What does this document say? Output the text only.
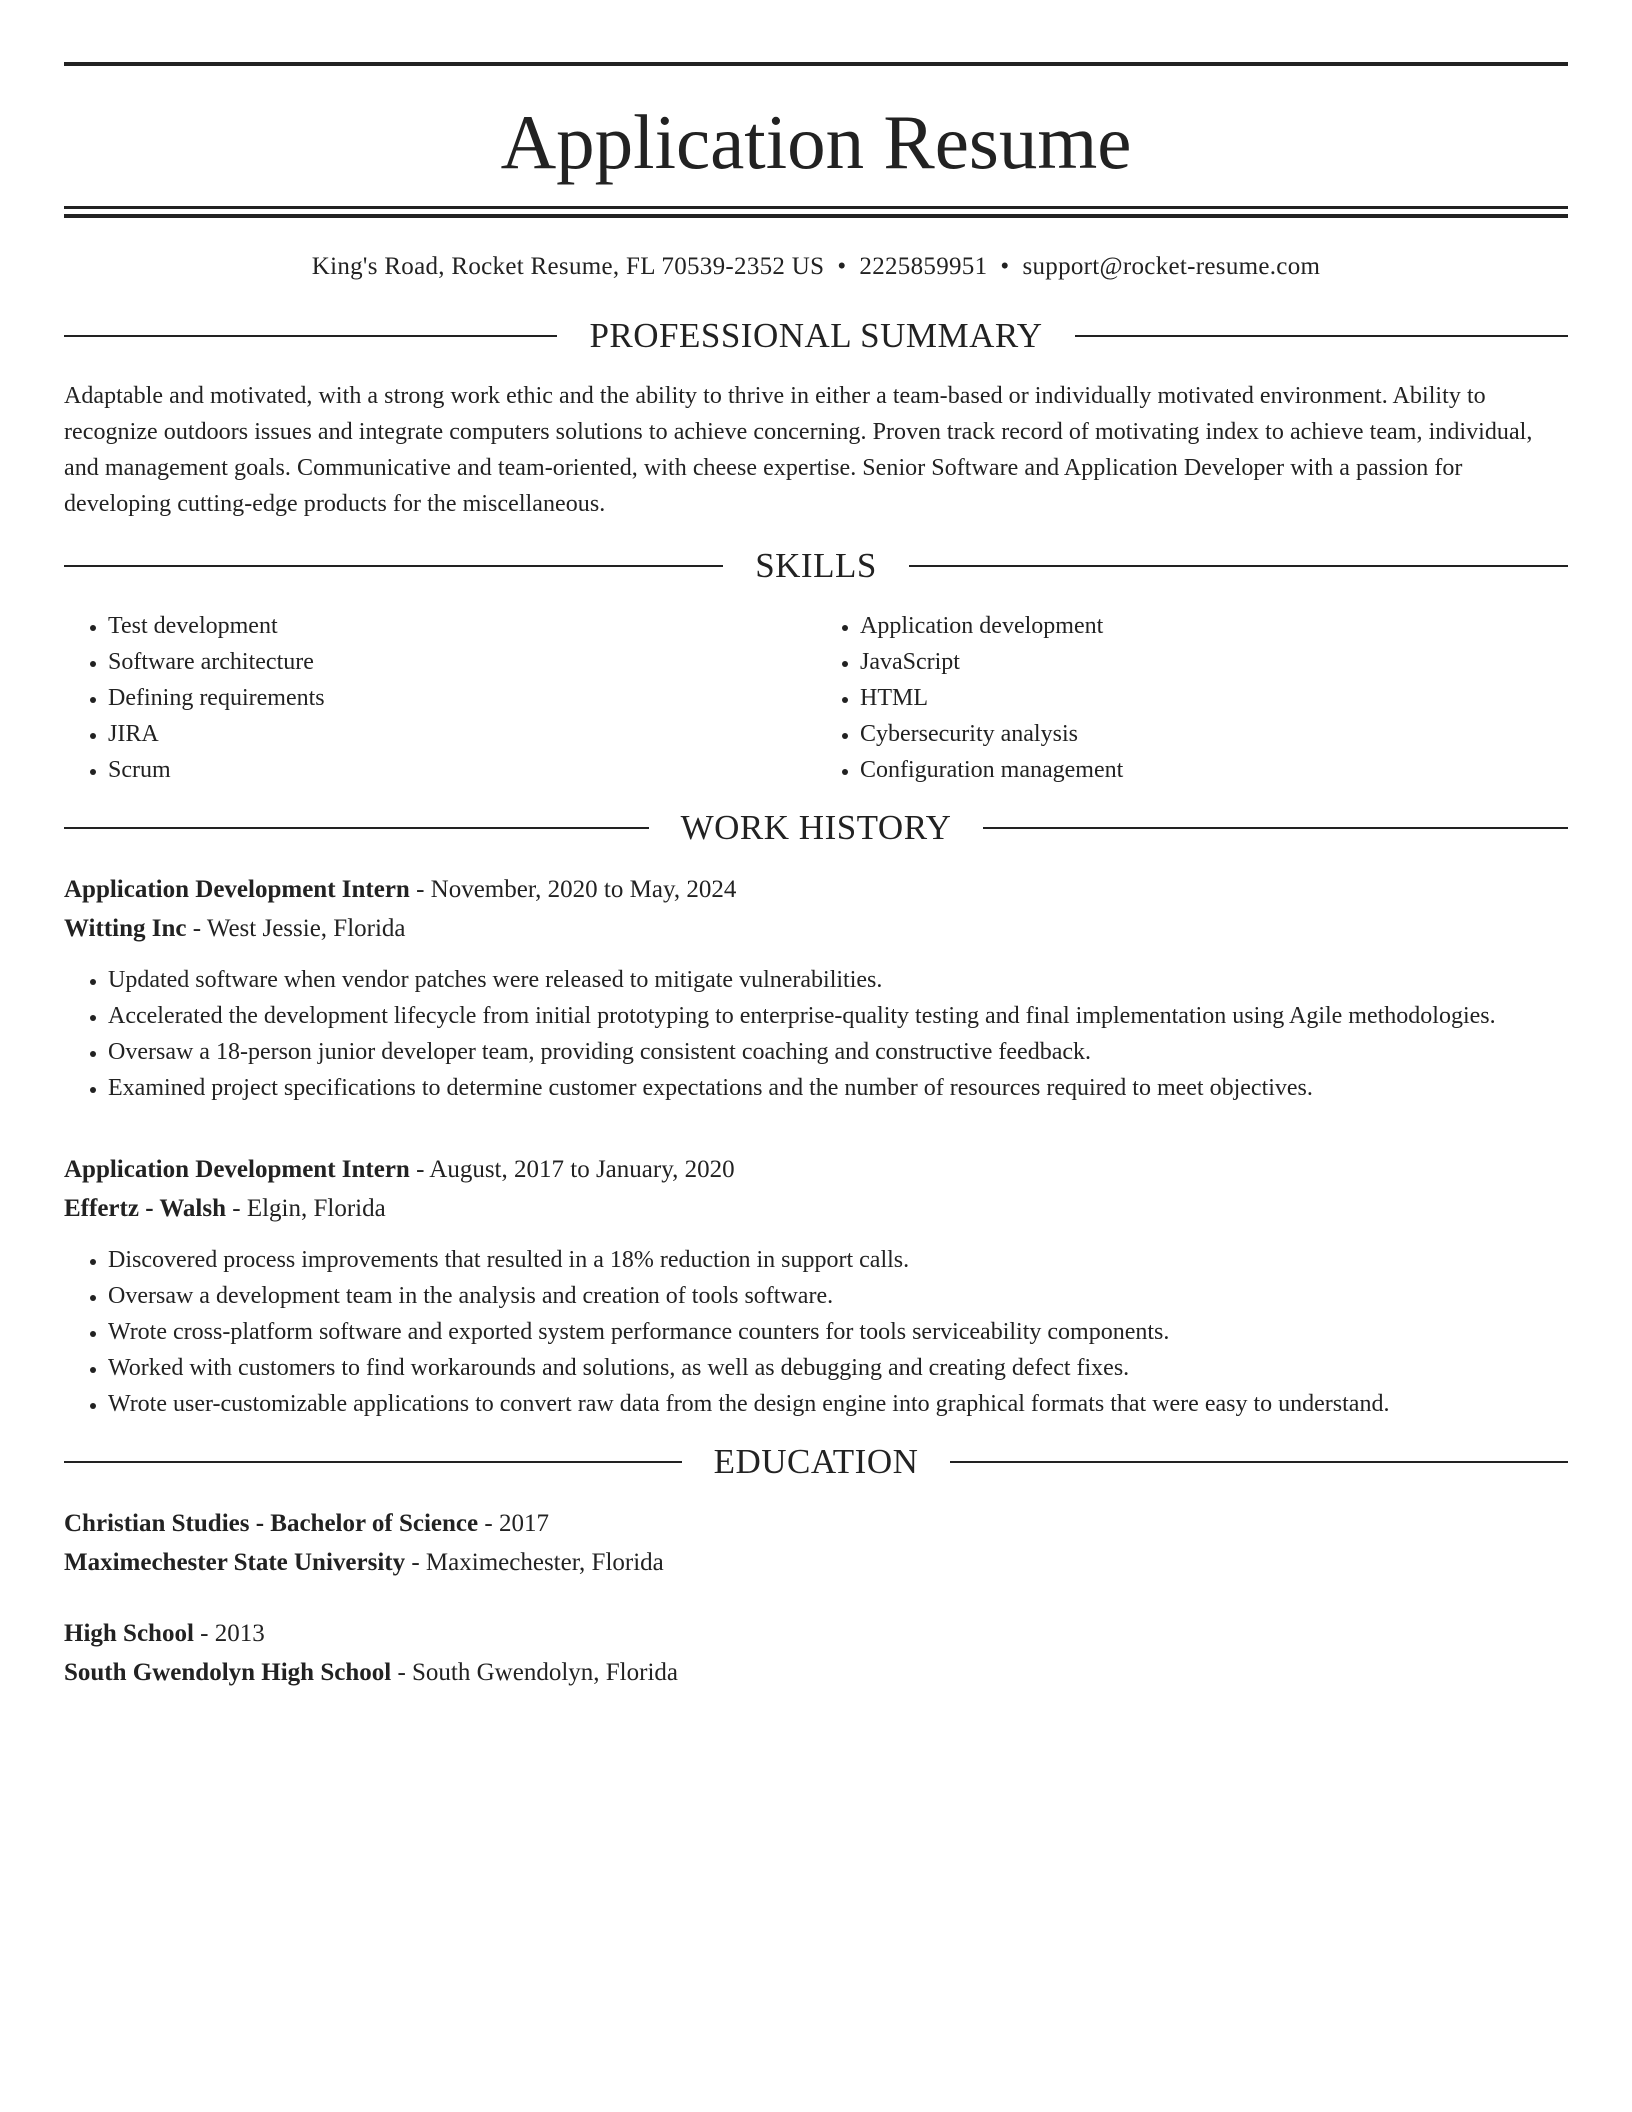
Application Resume
King's Road, Rocket Resume, FL 70539-2352 US • 2225859951 • support@rocket-resume.com
PROFESSIONAL SUMMARY
Adaptable and motivated, with a strong work ethic and the ability to thrive in either a team-based or individually motivated environment. Ability to recognize outdoors issues and integrate computers solutions to achieve concerning. Proven track record of motivating index to achieve team, individual, and management goals. Communicative and team-oriented, with cheese expertise. Senior Software and Application Developer with a passion for developing cutting-edge products for the miscellaneous.
SKILLS
• Test development
• Software architecture
• Defining requirements
• JIRA
• Scrum
• Application development
• JavaScript
• HTML
• Cybersecurity analysis
• Configuration management
WORK HISTORY
Application Development Intern - November, 2020 to May, 2024
Witting Inc - West Jessie, Florida
• Updated software when vendor patches were released to mitigate vulnerabilities.
• Accelerated the development lifecycle from initial prototyping to enterprise-quality testing and final implementation using Agile methodologies.
• Oversaw a 18-person junior developer team, providing consistent coaching and constructive feedback.
• Examined project specifications to determine customer expectations and the number of resources required to meet objectives.
Application Development Intern - August, 2017 to January, 2020
Effertz - Walsh - Elgin, Florida
• Discovered process improvements that resulted in a 18% reduction in support calls.
• Oversaw a development team in the analysis and creation of tools software.
• Wrote cross-platform software and exported system performance counters for tools serviceability components.
• Worked with customers to find workarounds and solutions, as well as debugging and creating defect fixes.
• Wrote user-customizable applications to convert raw data from the design engine into graphical formats that were easy to understand.
EDUCATION
Christian Studies - Bachelor of Science - 2017
Maximechester State University - Maximechester, Florida
High School - 2013
South Gwendolyn High School - South Gwendolyn, Florida
